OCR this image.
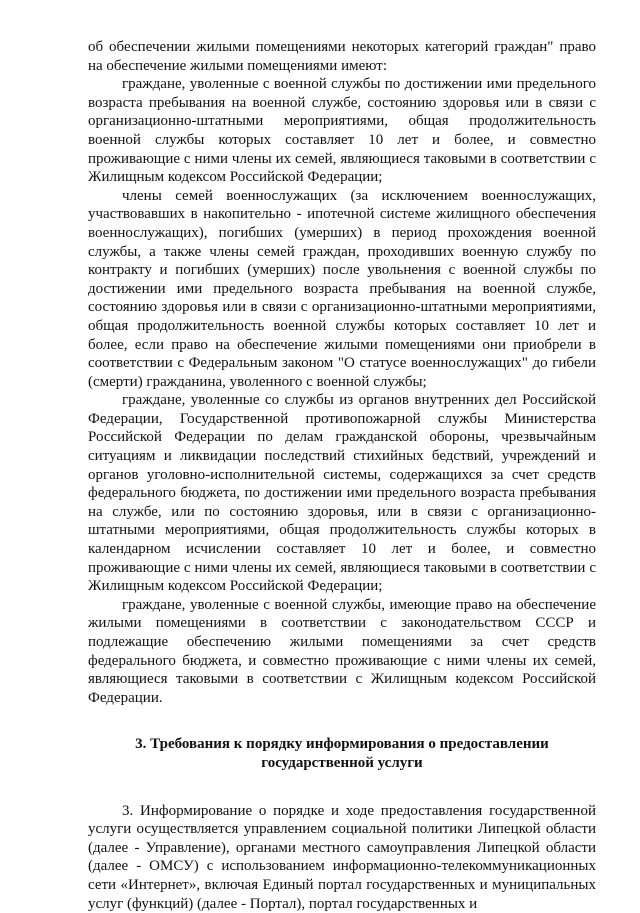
об обеспечении жилыми помещениями некоторых категорий граждан" право на обеспечение жилыми помещениями имеют:

граждане, уволенные с военной службы по достижении ими предельного возраста пребывания на военной службе, состоянию здоровья или в связи с организационно-штатными мероприятиями, общая продолжительность военной службы которых составляет 10 лет и более, и совместно проживающие с ними члены их семей, являющиеся таковыми в соответствии с Жилищным кодексом Российской Федерации;

члены семей военнослужащих (за исключением военнослужащих, участвовавших в накопительно - ипотечной системе жилищного обеспечения военнослужащих), погибших (умерших) в период прохождения военной службы, а также члены семей граждан, проходивших военную службу по контракту и погибших (умерших) после увольнения с военной службы по достижении ими предельного возраста пребывания на военной службе, состоянию здоровья или в связи с организационно-штатными мероприятиями, общая продолжительность военной службы которых составляет 10 лет и более, если право на обеспечение жилыми помещениями они приобрели в соответствии с Федеральным законом "О статусе военнослужащих" до гибели (смерти) гражданина, уволенного с военной службы;

граждане, уволенные со службы из органов внутренних дел Российской Федерации, Государственной противопожарной службы Министерства Российской Федерации по делам гражданской обороны, чрезвычайным ситуациям и ликвидации последствий стихийных бедствий, учреждений и органов уголовно-исполнительной системы, содержащихся за счет средств федерального бюджета, по достижении ими предельного возраста пребывания на службе, или по состоянию здоровья, или в связи с организационно-штатными мероприятиями, общая продолжительность службы которых в календарном исчислении составляет 10 лет и более, и совместно проживающие с ними члены их семей, являющиеся таковыми в соответствии с Жилищным кодексом Российской Федерации;

граждане, уволенные с военной службы, имеющие право на обеспечение жилыми помещениями в соответствии с законодательством СССР и подлежащие обеспечению жилыми помещениями за счет средств федерального бюджета, и совместно проживающие с ними члены их семей, являющиеся таковыми в соответствии с Жилищным кодексом Российской Федерации.

3. Требования к порядку информирования о предоставлении государственной услуги

3. Информирование о порядке и ходе предоставления государственной услуги осуществляется управлением социальной политики Липецкой области (далее - Управление), органами местного самоуправления Липецкой области (далее - ОМСУ) с использованием информационно-телекоммуникационных сети «Интернет», включая Единый портал государственных и муниципальных услуг (функций) (далее - Портал), портал государственных и
